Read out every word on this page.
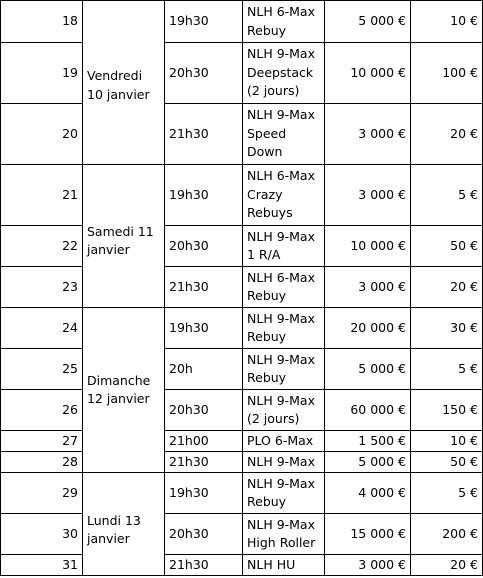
18	Vendredi 10 janvier	19h30	NLH 6-Max
Rebuy	5 000 €	10 €
19		20h30	NLH 9-Max
Deepstack
(2 jours)	10 000 €	100 €
20		21h30	NLH 9-Max
Speed
Down	3 000 €	20 €
21	Samedi 11 janvier	19h30	NLH 6-Max
Crazy
Rebuys	3 000 €	5 €
22		20h30	NLH 9-Max
1 R/A	10 000 €	50 €
23		21h30	NLH 6-Max
Rebuy	3 000 €	20 €
24	Dimanche 12 janvier	19h30	NLH 9-Max
Rebuy	20 000 €	30 €
25		20h	NLH 9-Max
Rebuy	5 000 €	5 €
26		20h30	NLH 9-Max
(2 jours)	60 000 €	150 €
27		21h00	PLO 6-Max	1 500 €	10 €
28		21h30	NLH 9-Max	5 000 €	50 €
29	Lundi 13 janvier	19h30	NLH 9-Max
Rebuy	4 000 €	5 €
30		20h30	NLH 9-Max
High Roller	15 000 €	200 €
31		21h30	NLH HU	3 000 €	20 €
